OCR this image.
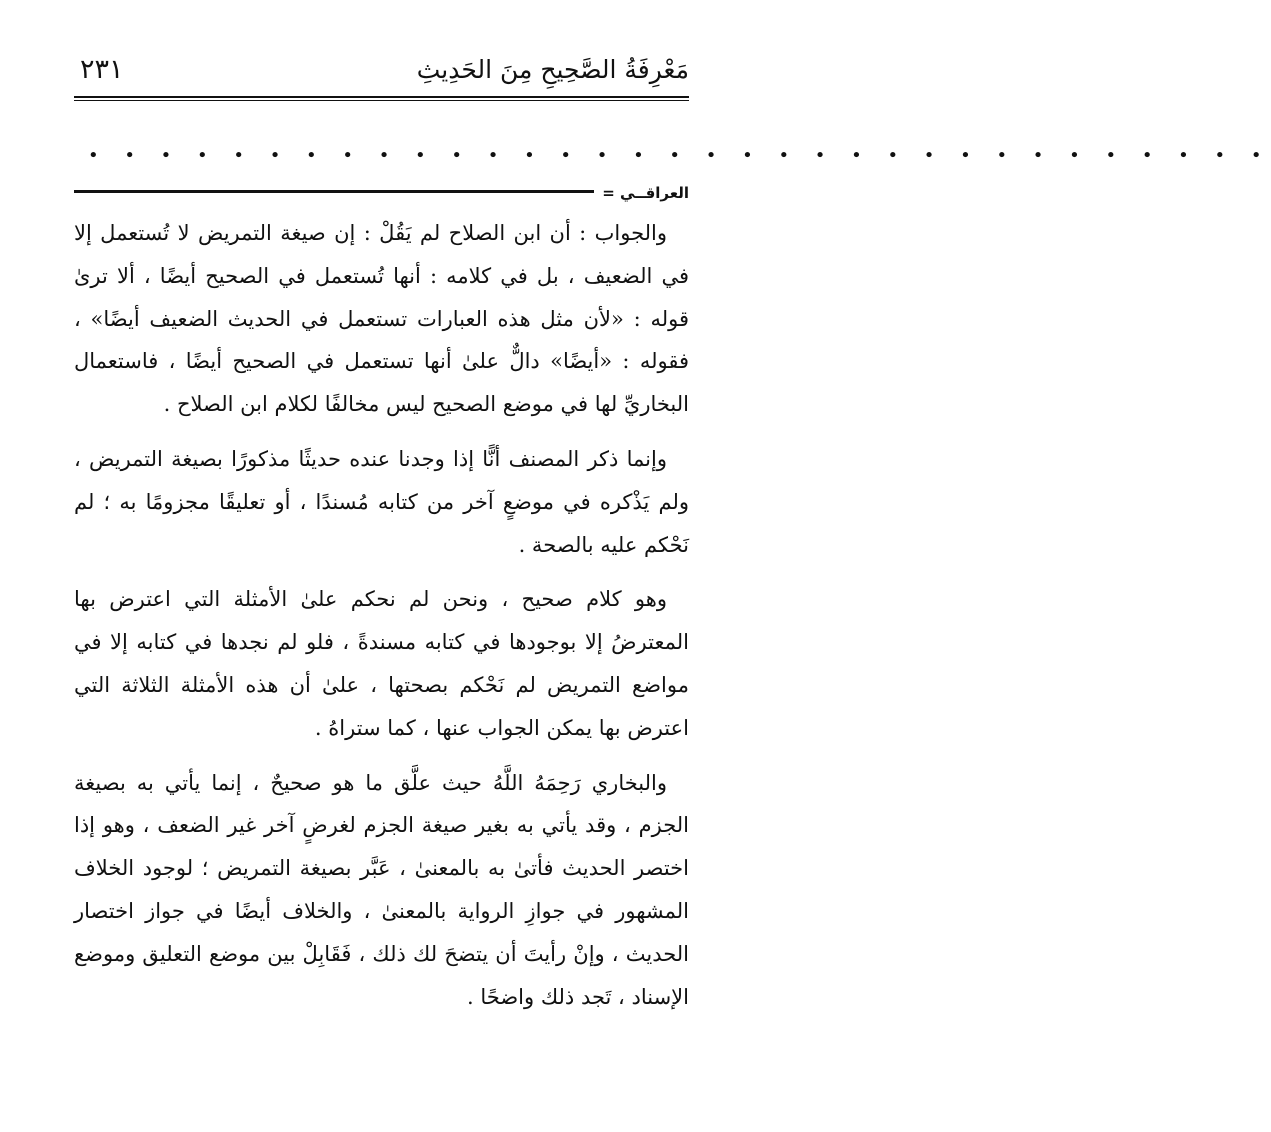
٢٣١	مَعْرِفَةُ الصَّحِيحِ مِنَ الحَدِيثِ
• • • • • • • • • • • • • • • • • • • • • • • • • • • • • • • • •
العراقــي =

والجواب : أن ابن الصلاح لم يَقُلْ : إن صيغة التمريض لا تُستعمل إلا في الضعيف ، بل في كلامه : أنها تُستعمل في الصحيح أيضًا ، ألا ترىٰ قوله : «لأن مثل هذه العبارات تستعمل في الحديث الضعيف أيضًا» ، فقوله : «أيضًا» دالٌّ علىٰ أنها تستعمل في الصحيح أيضًا ، فاستعمال البخاريِّ لها في موضع الصحيح ليس مخالفًا لكلام ابن الصلاح .

وإنما ذكر المصنف أنًّا إذا وجدنا عنده حديثًا مذكورًا بصيغة التمريض ، ولم يَذْكره في موضعٍ آخر من كتابه مُسندًا ، أو تعليقًا مجزومًا به ؛ لم نَحْكم عليه بالصحة .

وهو كلام صحيح ، ونحن لم نحكم علىٰ الأمثلة التي اعترض بها المعترضُ إلا بوجودها في كتابه مسندةً ، فلو لم نجدها في كتابه إلا في مواضع التمريض لم نَحْكم بصحتها ، علىٰ أن هذه الأمثلة الثلاثة التي اعترض بها يمكن الجواب عنها ، كما ستراهُ .

والبخاري رَحِمَهُ اللَّهُ حيث علَّق ما هو صحيحٌ ، إنما يأتي به بصيغة الجزم ، وقد يأتي به بغير صيغة الجزم لغرضٍ آخر غير الضعف ، وهو إذا اختصر الحديث فأتىٰ به بالمعنىٰ ، عَبَّر بصيغة التمريض ؛ لوجود الخلاف المشهور في جوازِ الرواية بالمعنىٰ ، والخلاف أيضًا في جواز اختصار الحديث ، وإنْ رأيتَ أن يتضحَ لك ذلك ، فَقَابِلْ بين موضع التعليق وموضع الإسناد ، تَجد ذلك واضحًا .
